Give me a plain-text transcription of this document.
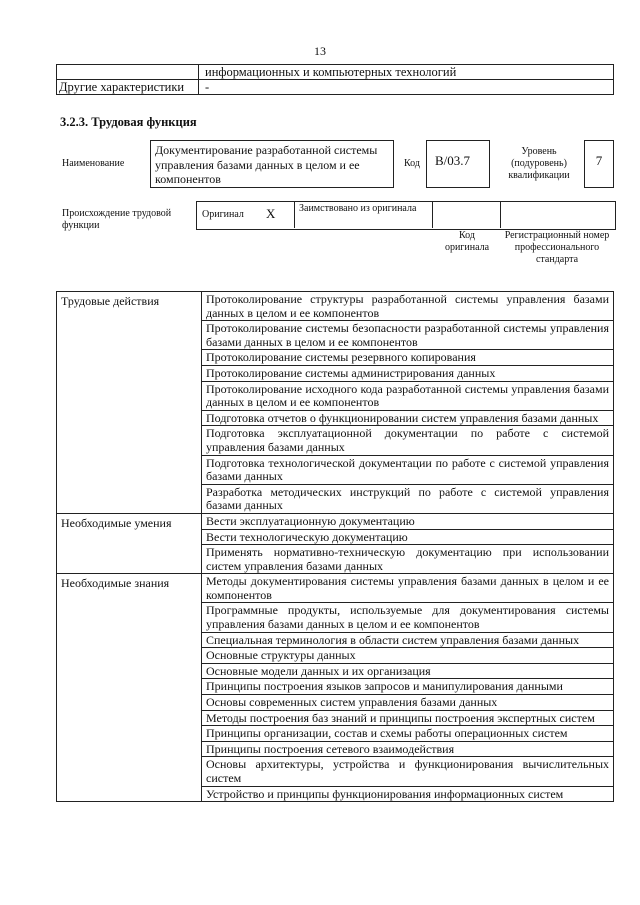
13
	информационных и компьютерных технологий
Другие характеристики	-
3.2.3. Трудовая функция
Наименование
Документирование разработанной системы управления базами данных в целом и ее компонентов
Код	B/03.7
Уровень (подуровень) квалификации
7
Происхождение трудовой функции
Оригинал X Заимствовано из оригинала
Код оригинала
Регистрационный номер профессионального стандарта
Трудовые действия	Протоколирование структуры разработанной системы управления базами данных в целом и ее компонентов
	Протоколирование системы безопасности разработанной системы управления базами данных в целом и ее компонентов
	Протоколирование системы резервного копирования
	Протоколирование системы администрирования данных
	Протоколирование исходного кода разработанной системы управления базами данных в целом и ее компонентов
	Подготовка отчетов о функционировании систем управления базами данных
	Подготовка эксплуатационной документации по работе с системой управления базами данных
	Подготовка технологической документации по работе с системой управления базами данных
	Разработка методических инструкций по работе с системой управления базами данных
Необходимые умения	Вести эксплуатационную документацию
	Вести технологическую документацию
	Применять нормативно-техническую документацию при использовании систем управления базами данных
Необходимые знания	Методы документирования системы управления базами данных в целом и ее компонентов
	Программные продукты, используемые для документирования системы управления базами данных в целом и ее компонентов
	Специальная терминология в области систем управления базами данных
	Основные структуры данных
	Основные модели данных и их организация
	Принципы построения языков запросов и манипулирования данными
	Основы современных систем управления базами данных
	Методы построения баз знаний и принципы построения экспертных систем
	Принципы организации, состав и схемы работы операционных систем
	Принципы построения сетевого взаимодействия
	Основы архитектуры, устройства и функционирования вычислительных систем
	Устройство и принципы функционирования информационных систем
